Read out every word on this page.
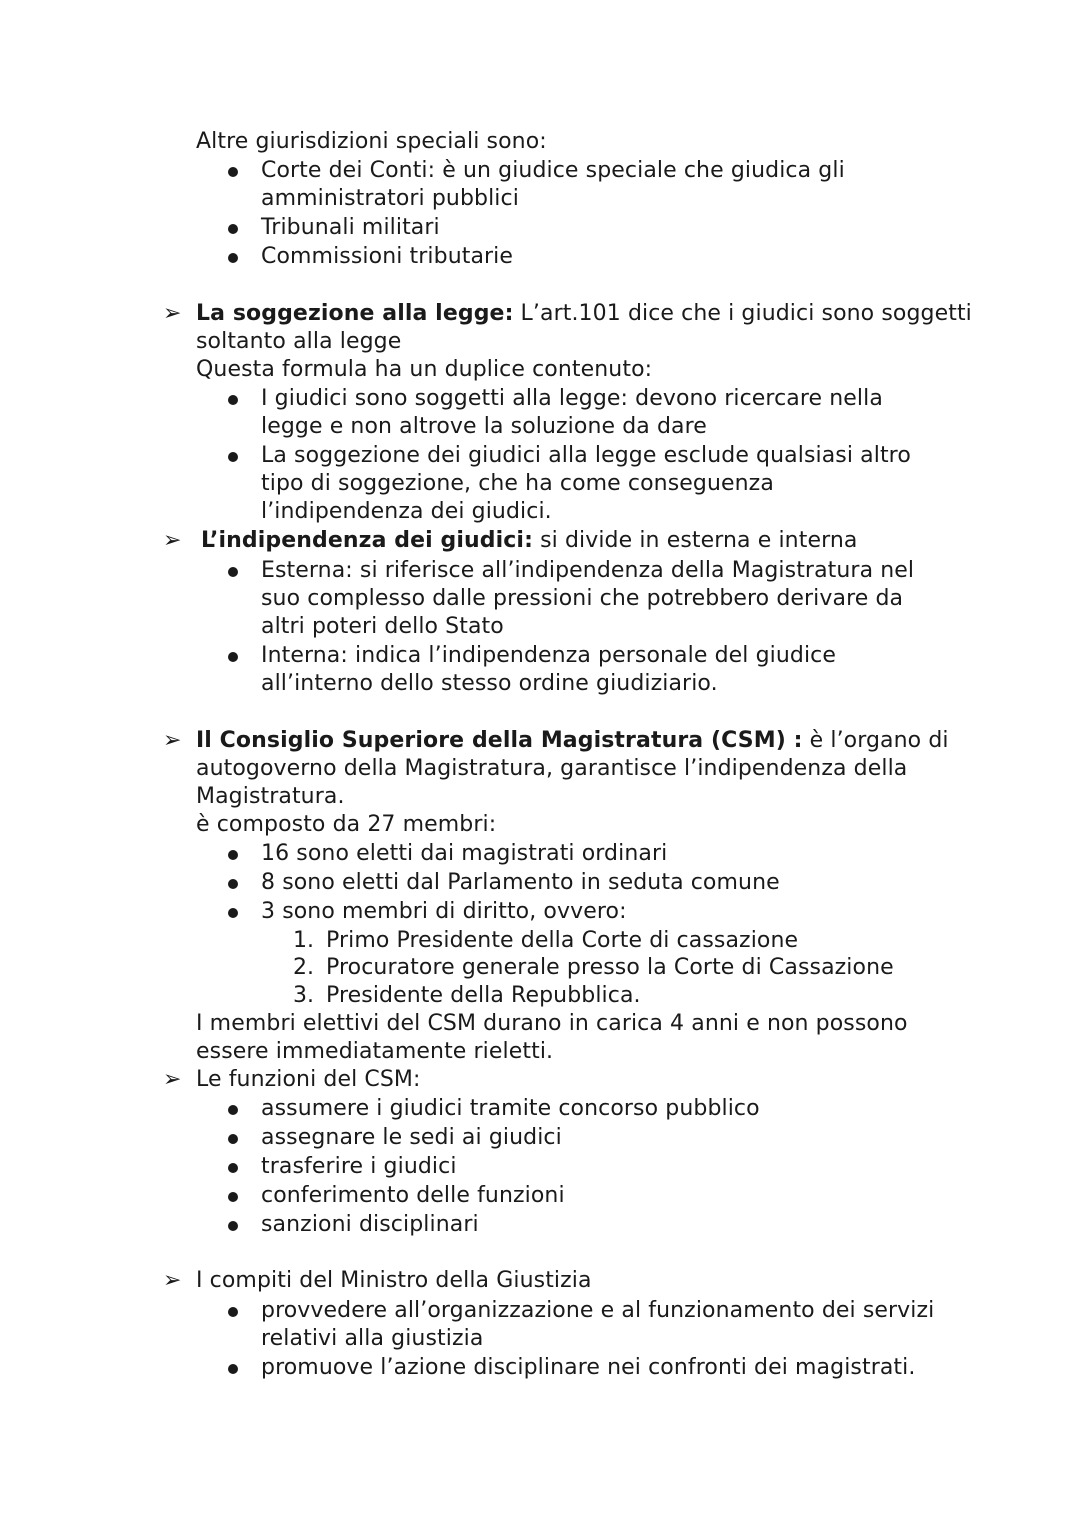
Altre giurisdizioni speciali sono:
Corte dei Conti: è un giudice speciale che giudica gli
amministratori pubblici
Tribunali militari
Commissioni tributarie
➢ La soggezione alla legge: L’art.101 dice che i giudici sono soggetti
soltanto alla legge
Questa formula ha un duplice contenuto:
I giudici sono soggetti alla legge: devono ricercare nella
legge e non altrove la soluzione da dare
La soggezione dei giudici alla legge esclude qualsiasi altro
tipo di soggezione, che ha come conseguenza
l’indipendenza dei giudici.
➢ L’indipendenza dei giudici: si divide in esterna e interna
Esterna: si riferisce all’indipendenza della Magistratura nel
suo complesso dalle pressioni che potrebbero derivare da
altri poteri dello Stato
Interna: indica l’indipendenza personale del giudice
all’interno dello stesso ordine giudiziario.
➢ Il Consiglio Superiore della Magistratura (CSM) : è l’organo di
autogoverno della Magistratura, garantisce l’indipendenza della
Magistratura.
è composto da 27 membri:
16 sono eletti dai magistrati ordinari
8 sono eletti dal Parlamento in seduta comune
3 sono membri di diritto, ovvero:
1. Primo Presidente della Corte di cassazione
2. Procuratore generale presso la Corte di Cassazione
3. Presidente della Repubblica.
I membri elettivi del CSM durano in carica 4 anni e non possono
essere immediatamente rieletti.
➢ Le funzioni del CSM:
assumere i giudici tramite concorso pubblico
assegnare le sedi ai giudici
trasferire i giudici
conferimento delle funzioni
sanzioni disciplinari
➢ I compiti del Ministro della Giustizia
provvedere all’organizzazione e al funzionamento dei servizi
relativi alla giustizia
promuove l’azione disciplinare nei confronti dei magistrati.
